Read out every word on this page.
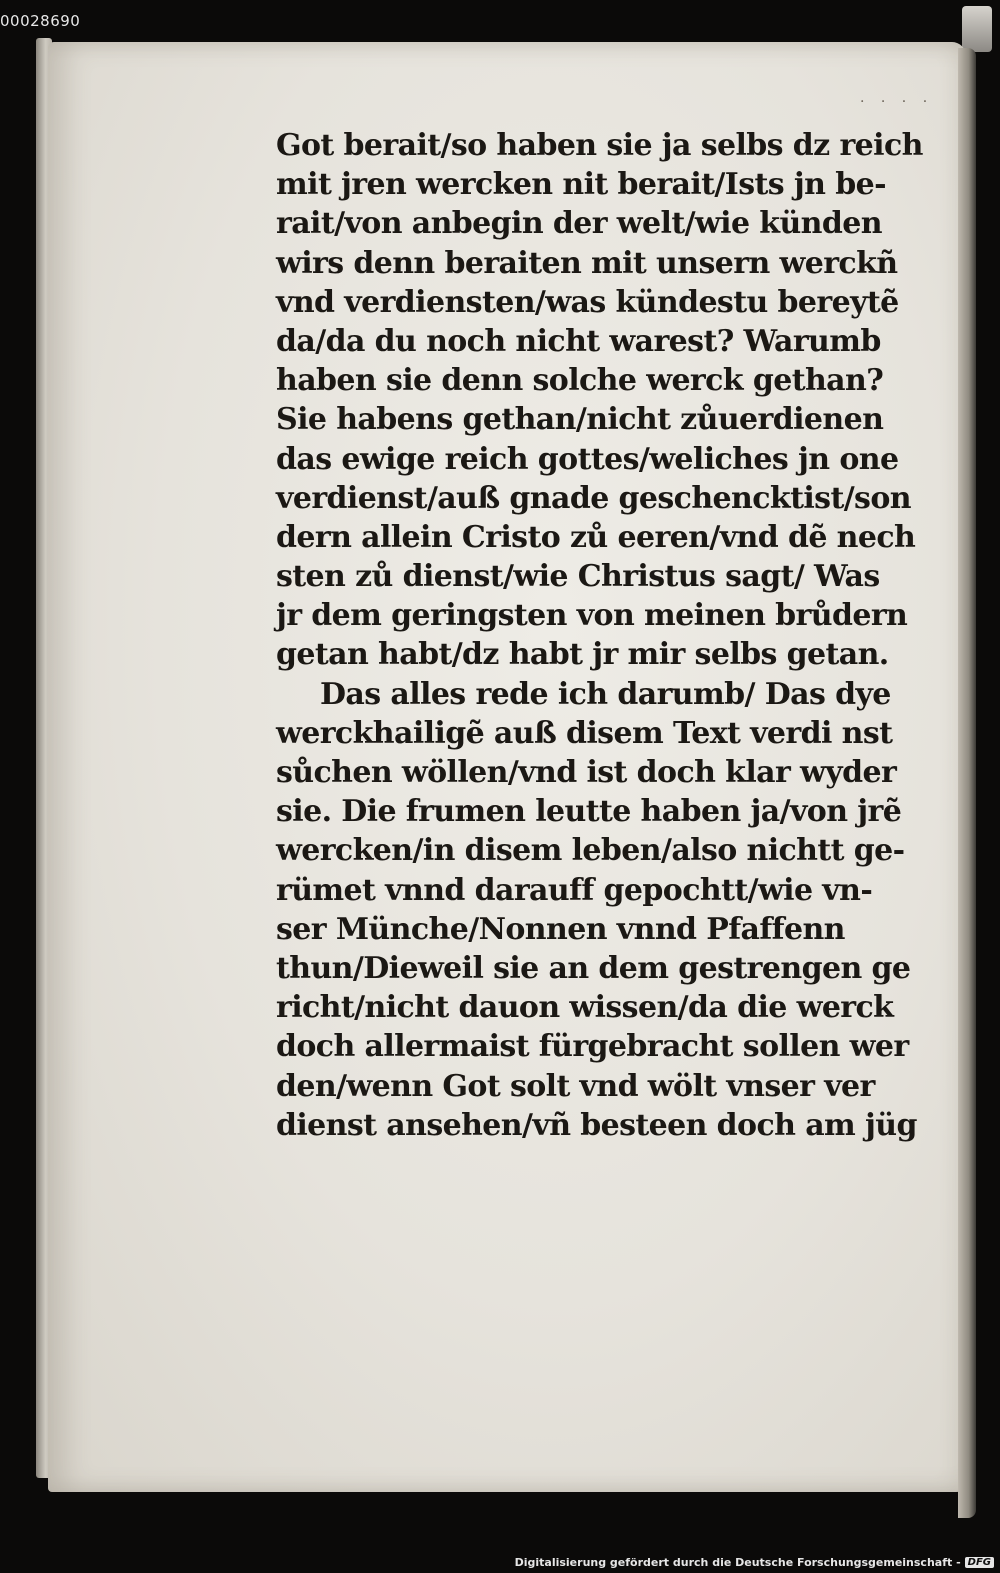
00028690
· · · ·
Got berait/so haben sie ja selbs dz reich
mit jren wercken nit berait/Ists jn be-
rait/von anbegin der welt/wie künden
wirs denn beraiten mit unsern werckñ
vnd verdiensten/was kündestu bereytẽ
da/da du noch nicht warest? Warumb
haben sie denn solche werck gethan?
Sie habens gethan/nicht zůuerdienen
das ewige reich gottes/weliches jn one
verdienst/auß gnade geschencktist/son
dern allein Cristo zů eeren/vnd dẽ nech
sten zů dienst/wie Christus sagt/ Was
jr dem geringsten von meinen brůdern
getan habt/dz habt jr mir selbs getan.
Das alles rede ich darumb/ Das dye
werckhailigẽ auß disem Text verdi nst
sůchen wöllen/vnd ist doch klar wyder
sie. Die frumen leutte haben ja/von jrẽ
wercken/in disem leben/also nichtt ge-
rümet vnnd darauff gepochtt/wie vn-
ser Münche/Nonnen vnnd Pfaffenn
thun/Dieweil sie an dem gestrengen ge
richt/nicht dauon wissen/da die werck
doch allermaist fürgebracht sollen wer
den/wenn Got solt vnd wölt vnser ver
dienst ansehen/vñ besteen doch am jüg
Digitalisierung gefördert durch die Deutsche Forschungsgemeinschaft - DFG
